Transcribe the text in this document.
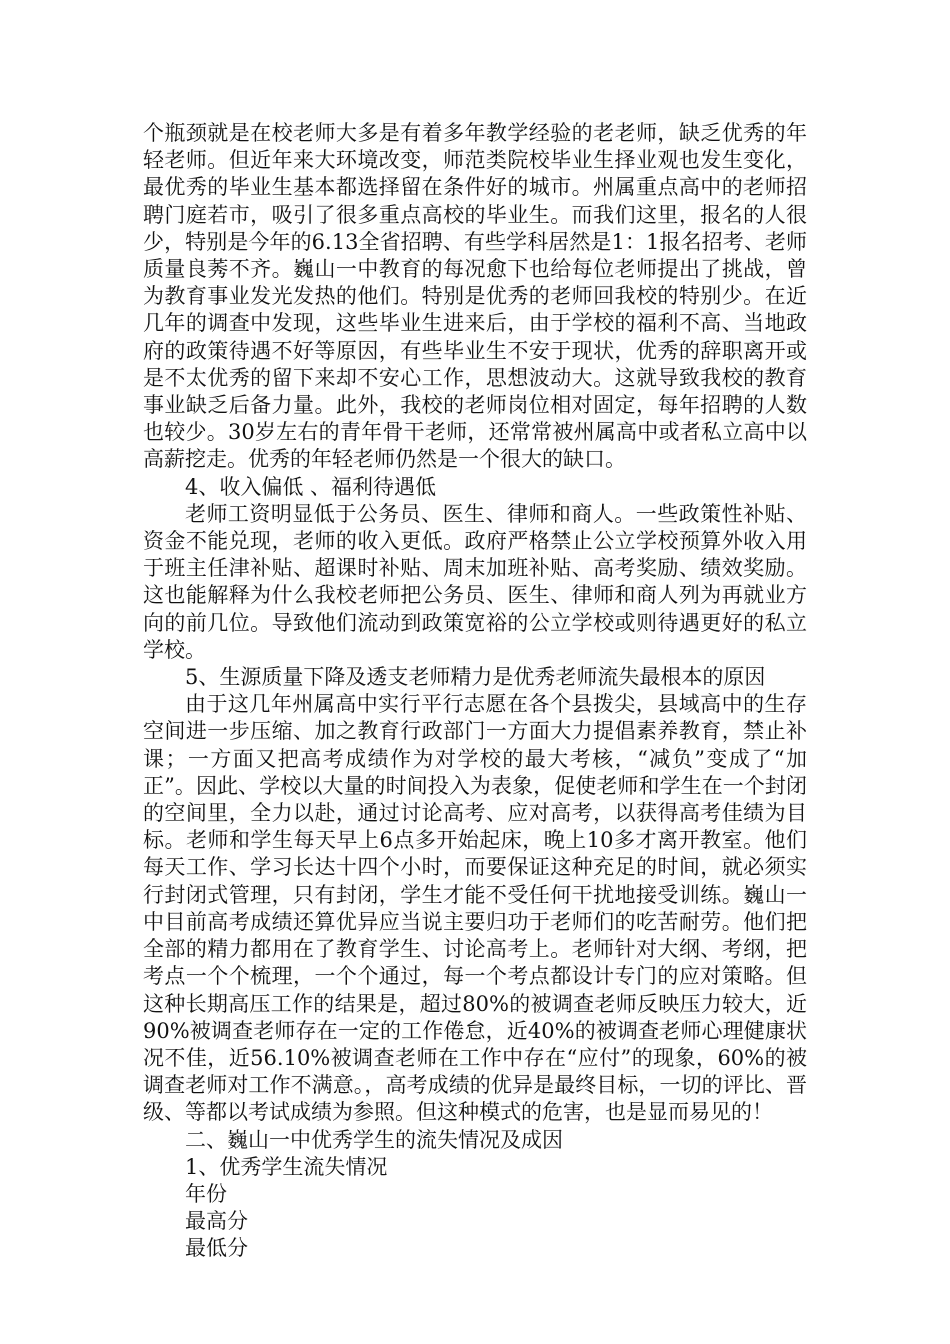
个瓶颈就是在校老师大多是有着多年教学经验的老老师，缺乏优秀的年轻老师。但近年来大环境改变，师范类院校毕业生择业观也发生变化，最优秀的毕业生基本都选择留在条件好的城市。州属重点高中的老师招聘门庭若市，吸引了很多重点高校的毕业生。而我们这里，报名的人很少，特别是今年的6.13全省招聘、有些学科居然是1：1报名招考、老师质量良莠不齐。巍山一中教育的每况愈下也给每位老师提出了挑战，曾为教育事业发光发热的他们。特别是优秀的老师回我校的特别少。在近几年的调查中发现，这些毕业生进来后，由于学校的福利不高、当地政府的政策待遇不好等原因，有些毕业生不安于现状，优秀的辞职离开或是不太优秀的留下来却不安心工作，思想波动大。这就导致我校的教育事业缺乏后备力量。此外，我校的老师岗位相对固定，每年招聘的人数也较少。30岁左右的青年骨干老师，还常常被州属高中或者私立高中以高薪挖走。优秀的年轻老师仍然是一个很大的缺口。

4、收入偏低 、福利待遇低

老师工资明显低于公务员、医生、律师和商人。一些政策性补贴、资金不能兑现，老师的收入更低。政府严格禁止公立学校预算外收入用于班主任津补贴、超课时补贴、周末加班补贴、高考奖励、绩效奖励。这也能解释为什么我校老师把公务员、医生、律师和商人列为再就业方向的前几位。导致他们流动到政策宽裕的公立学校或则待遇更好的私立学校。

5、生源质量下降及透支老师精力是优秀老师流失最根本的原因

由于这几年州属高中实行平行志愿在各个县拨尖，县域高中的生存空间进一步压缩、加之教育行政部门一方面大力提倡素养教育，禁止补课；一方面又把高考成绩作为对学校的最大考核，“减负”变成了“加正”。因此、学校以大量的时间投入为表象，促使老师和学生在一个封闭的空间里，全力以赴，通过讨论高考、应对高考，以获得高考佳绩为目标。老师和学生每天早上6点多开始起床，晚上10多才离开教室。他们每天工作、学习长达十四个小时，而要保证这种充足的时间，就必须实行封闭式管理，只有封闭，学生才能不受任何干扰地接受训练。巍山一中目前高考成绩还算优异应当说主要归功于老师们的吃苦耐劳。他们把全部的精力都用在了教育学生、讨论高考上。老师针对大纲、考纲，把考点一个个梳理，一个个通过，每一个考点都设计专门的应对策略。但这种长期高压工作的结果是，超过80%的被调查老师反映压力较大，近90%被调查老师存在一定的工作倦怠，近40%的被调查老师心理健康状况不佳，近56.10%被调查老师在工作中存在“应付”的现象，60%的被调查老师对工作不满意。，高考成绩的优异是最终目标，一切的评比、晋级、等都以考试成绩为参照。但这种模式的危害，也是显而易见的！

二、巍山一中优秀学生的流失情况及成因

1、优秀学生流失情况

年份

最高分

最低分
